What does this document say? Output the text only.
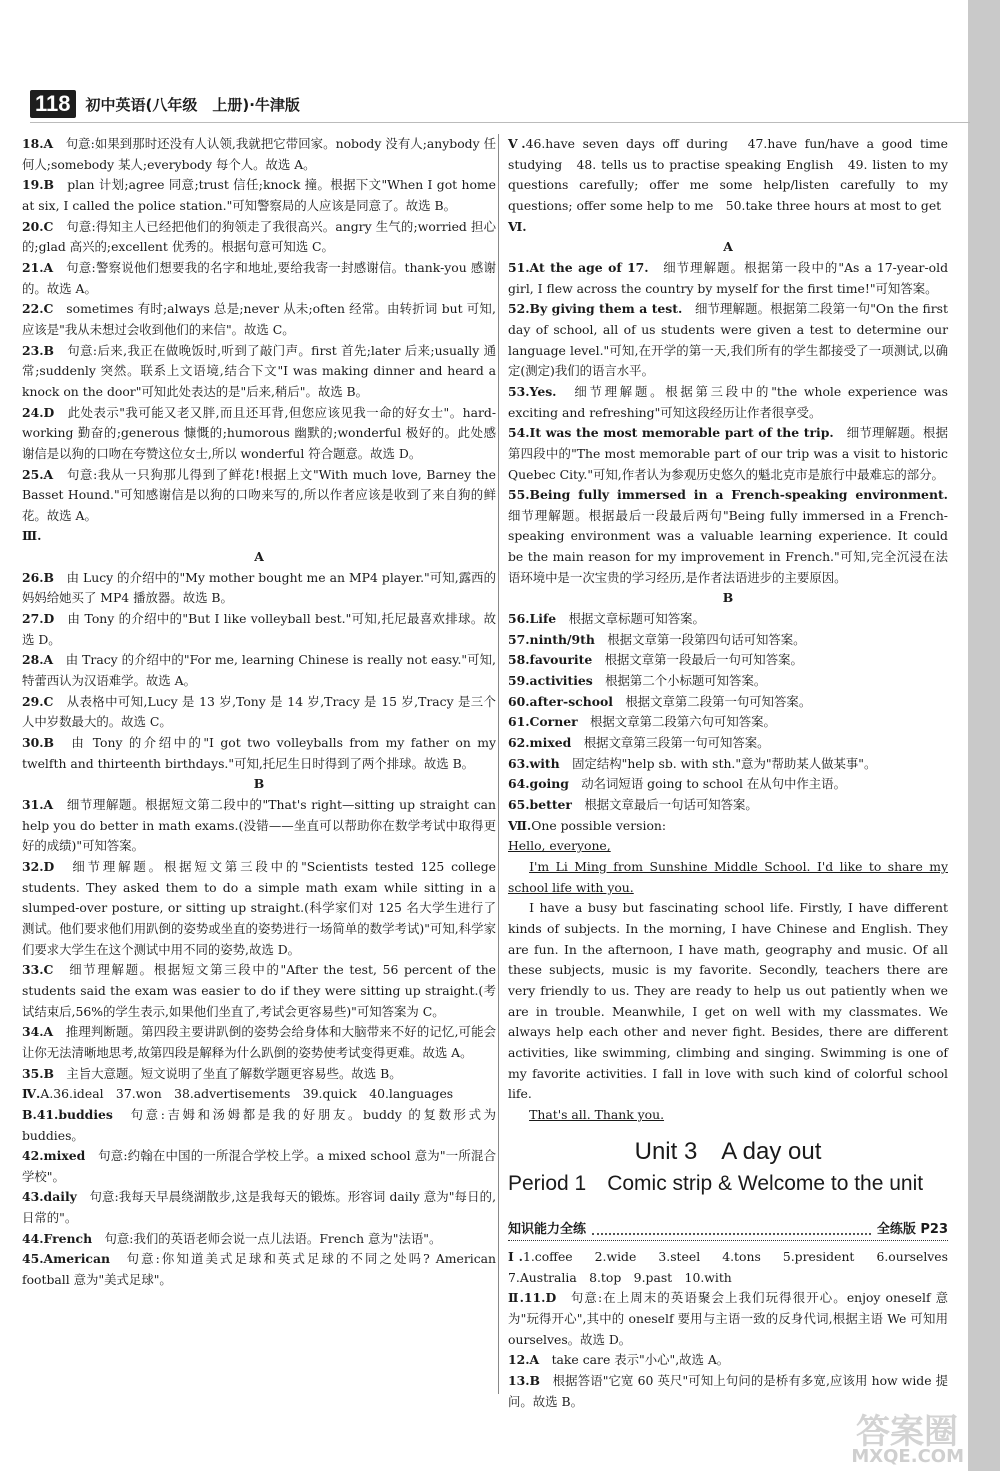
118	初中英语(八年级　上册)·牛津版

18.A　 句意:如果到那时还没有人认领,我就把它带回家。nobody 没有人;anybody 任何人;somebody 某人;everybody 每个人。故选 A。

19.B　 plan 计划;agree 同意;trust 信任;knock 撞。根据下文"When I got home at six, I called the police station."可知警察局的人应该是同意了。故选 B。

20.C　 句意:得知主人已经把他们的狗领走了我很高兴。angry 生气的;worried 担心的;glad 高兴的;excellent 优秀的。根据句意可知选 C。

21.A　 句意:警察说他们想要我的名字和地址,要给我寄一封感谢信。thank-you 感谢的。故选 A。

22.C　 sometimes 有时;always 总是;never 从未;often 经常。由转折词 but 可知,应该是"我从未想过会收到他们的来信"。故选 C。

23.B　 句意:后来,我正在做晚饭时,听到了敲门声。first 首先;later 后来;usually 通常;suddenly 突然。联系上文语境,结合下文"I was making dinner and heard a knock on the door"可知此处表达的是"后来,稍后"。故选 B。

24.D　 此处表示"我可能又老又胖,而且还耳背,但您应该见我一命的好女士"。hard-working 勤奋的;generous 慷慨的;humorous 幽默的;wonderful 极好的。此处感谢信是以狗的口吻在夸赞这位女士,所以 wonderful 符合题意。故选 D。

25.A　 句意:我从一只狗那儿得到了鲜花!根据上文"With much love, Barney the Basset Hound."可知感谢信是以狗的口吻来写的,所以作者应该是收到了来自狗的鲜花。故选 A。

Ⅲ.

A

26.B　 由 Lucy 的介绍中的"My mother bought me an MP4 player."可知,露西的妈妈给她买了 MP4 播放器。故选 B。

27.D　 由 Tony 的介绍中的"But I like volleyball best."可知,托尼最喜欢排球。故选 D。

28.A　 由 Tracy 的介绍中的"For me, learning Chinese is really not easy."可知,特蕾西认为汉语难学。故选 A。

29.C　 从表格中可知,Lucy 是 13 岁,Tony 是 14 岁,Tracy 是 15 岁,Tracy 是三个人中岁数最大的。故选 C。

30.B　 由 Tony 的介绍中的"I got two volleyballs from my father on my twelfth and thirteenth birthdays."可知,托尼生日时得到了两个排球。故选 B。

B

31.A　 细节理解题。根据短文第二段中的"That's right—sitting up straight can help you do better in math exams.(没错——坐直可以帮助你在数学考试中取得更好的成绩)"可知答案。

32.D　 细节理解题。根据短文第三段中的"Scientists tested 125 college students. They asked them to do a simple math exam while sitting in a slumped-over posture, or sitting up straight.(科学家们对 125 名大学生进行了测试。他们要求他们用趴倒的姿势或坐直的姿势进行一场简单的数学考试)"可知,科学家们要求大学生在这个测试中用不同的姿势,故选 D。

33.C　 细节理解题。根据短文第三段中的"After the test, 56 percent of the students said the exam was easier to do if they were sitting up straight.(考试结束后,56%的学生表示,如果他们坐直了,考试会更容易些)"可知答案为 C。

34.A　 推理判断题。第四段主要讲趴倒的姿势会给身体和大脑带来不好的记忆,可能会让你无法清晰地思考,故第四段是解释为什么趴倒的姿势使考试变得更难。故选 A。

35.B　 主旨大意题。短文说明了坐直了解数学题更容易些。故选 B。

Ⅳ.A.36.ideal　37.won　38.advertisements　39.quick　40.languages

B.41.buddies　 句意:吉姆和汤姆都是我的好朋友。buddy 的复数形式为 buddies。

42.mixed　 句意:约翰在中国的一所混合学校上学。a mixed school 意为"一所混合学校"。

43.daily　 句意:我每天早晨绕湖散步,这是我每天的锻炼。形容词 daily 意为"每日的,日常的"。

44.French　 句意:我们的英语老师会说一点儿法语。French 意为"法语"。

45.American　 句意:你知道美式足球和英式足球的不同之处吗? American football 意为"美式足球"。

Ⅴ.46.have seven days off during　47.have fun/have a good time studying　48. tells us to practise speaking English　49. listen to my questions carefully; offer me some help/listen carefully to my questions; offer some help to me　50.take three hours at most to get

Ⅵ.

A

51.At the age of 17.　 细节理解题。根据第一段中的"As a 17-year-old girl, I flew across the country by myself for the first time!"可知答案。

52.By giving them a test.　 细节理解题。根据第二段第一句"On the first day of school, all of us students were given a test to determine our language level."可知,在开学的第一天,我们所有的学生都接受了一项测试,以确定(测定)我们的语言水平。

53.Yes.　 细节理解题。根据第三段中的"the whole experience was exciting and refreshing"可知这段经历让作者很享受。

54.It was the most memorable part of the trip.　 细节理解题。根据第四段中的"The most memorable part of our trip was a visit to historic Quebec City."可知,作者认为参观历史悠久的魁北克市是旅行中最难忘的部分。

55.Being fully immersed in a French-speaking environment.　细节理解题。根据最后一段最后两句"Being fully immersed in a French-speaking environment was a valuable learning experience. It could be the main reason for my improvement in French."可知,完全沉浸在法语环境中是一次宝贵的学习经历,是作者法语进步的主要原因。

B

56.Life　 根据文章标题可知答案。

57.ninth/9th　 根据文章第一段第四句话可知答案。

58.favourite　 根据文章第一段最后一句可知答案。

59.activities　 根据第二个小标题可知答案。

60.after-school　 根据文章第二段第一句可知答案。

61.Corner　 根据文章第二段第六句可知答案。

62.mixed　 根据文章第三段第一句可知答案。

63.with　 固定结构"help sb. with sth."意为"帮助某人做某事"。

64.going　 动名词短语 going to school 在从句中作主语。

65.better　 根据文章最后一句话可知答案。

Ⅶ.One possible version:

Hello, everyone,

I'm Li Ming from Sunshine Middle School. I'd like to share my school life with you.

I have a busy but fascinating school life. Firstly, I have different kinds of subjects. In the morning, I have Chinese and English. They are fun. In the afternoon, I have math, geography and music. Of all these subjects, music is my favorite. Secondly, teachers there are very friendly to us. They are ready to help us out patiently when we are in trouble. Meanwhile, I get on well with my classmates. We always help each other and never fight. Besides, there are different activities, like swimming, climbing and singing. Swimming is one of my favorite activities. I fall in love with such kind of colorful school life.

That's all. Thank you.

Unit 3　A day out

Period 1　Comic strip & Welcome to the unit

知识能力全练	全练版 P23

Ⅰ.1.coffee　2.wide　3.steel　4.tons　5.president　6.ourselves　7.Australia　8.top　9.past　10.with

Ⅱ.11.D　 句意:在上周末的英语聚会上我们玩得很开心。enjoy oneself 意为"玩得开心",其中的 oneself 要用与主语一致的反身代词,根据主语 We 可知用 ourselves。故选 D。

12.A　 take care 表示"小心",故选 A。

13.B　 根据答语"它宽 60 英尺"可知上句问的是桥有多宽,应该用 how wide 提问。故选 B。

答案圈
MXQE.COM
